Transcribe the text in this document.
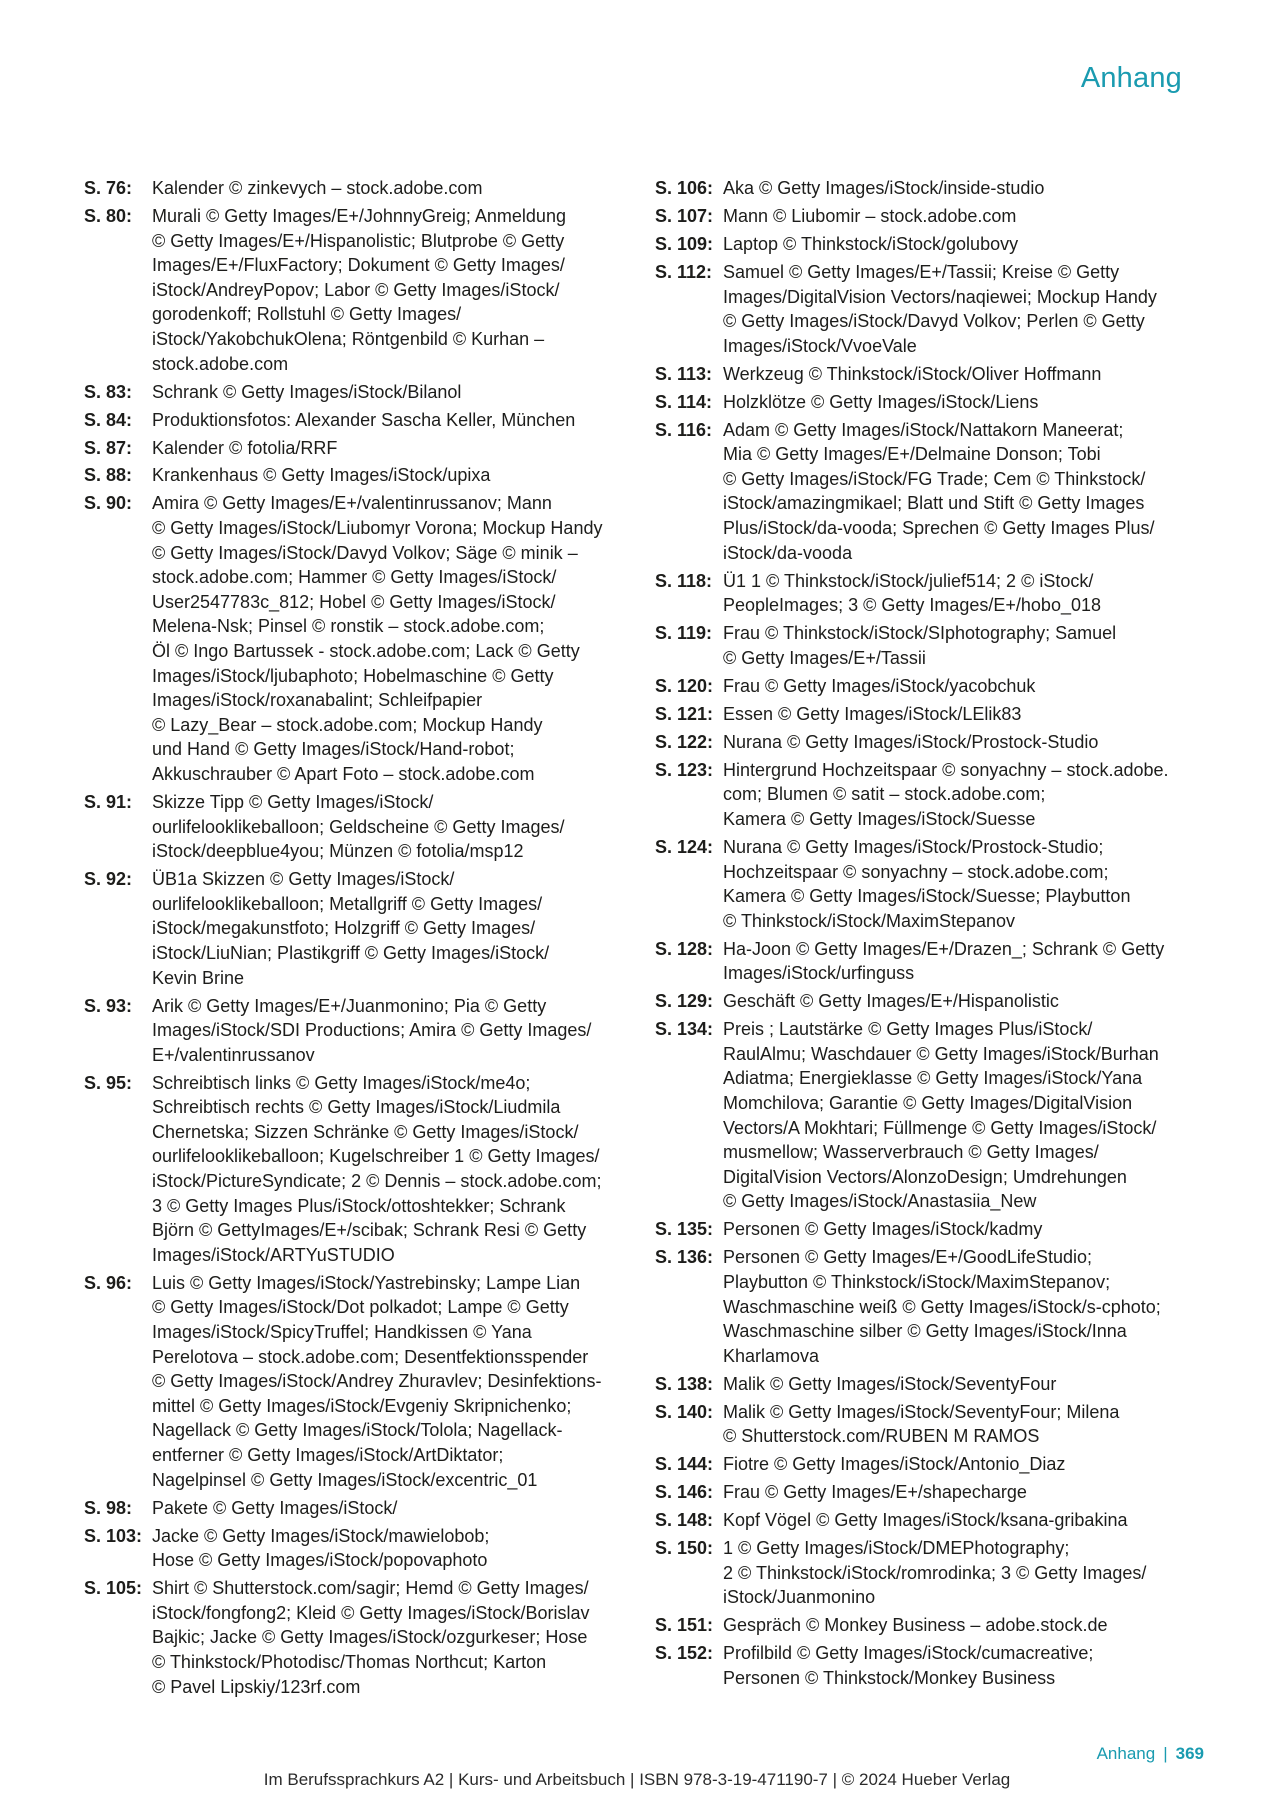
Anhang
S. 76:	Kalender © zinkevych – stock.adobe.com
S. 80:	Murali © Getty Images/E+/JohnnyGreig; Anmeldung
© Getty Images/E+/Hispanolistic; Blutprobe © Getty
Images/E+/FluxFactory; Dokument © Getty Images/
iStock/AndreyPopov; Labor © Getty Images/iStock/
gorodenkoff; Rollstuhl © Getty Images/
iStock/YakobchukOlena; Röntgenbild © Kurhan –
stock.adobe.com
S. 83:	Schrank © Getty Images/iStock/Bilanol
S. 84:	Produktionsfotos: Alexander Sascha Keller, München
S. 87:	Kalender © fotolia/RRF
S. 88:	Krankenhaus © Getty Images/iStock/upixa
S. 90:	Amira © Getty Images/E+/valentinrussanov; Mann
© Getty Images/iStock/Liubomyr Vorona; Mockup Handy
© Getty Images/iStock/Davyd Volkov; Säge © minik –
stock.adobe.com; Hammer © Getty Images/iStock/
User2547783c_812; Hobel © Getty Images/iStock/
Melena-Nsk; Pinsel © ronstik – stock.adobe.com;
Öl © Ingo Bartussek - stock.adobe.com; Lack © Getty
Images/iStock/ljubaphoto; Hobelmaschine © Getty
Images/iStock/roxanabalint; Schleifpapier
© Lazy_Bear – stock.adobe.com; Mockup Handy
und Hand © Getty Images/iStock/Hand-robot;
Akkuschrauber © Apart Foto – stock.adobe.com
S. 91:	Skizze Tipp © Getty Images/iStock/
ourlifelooklikeballoon; Geldscheine © Getty Images/
iStock/deepblue4you; Münzen © fotolia/msp12
S. 92:	ÜB1a Skizzen © Getty Images/iStock/
ourlifelooklikeballoon; Metallgriff © Getty Images/
iStock/megakunstfoto; Holzgriff © Getty Images/
iStock/LiuNian; Plastikgriff © Getty Images/iStock/
Kevin Brine
S. 93:	Arik © Getty Images/E+/Juanmonino; Pia © Getty
Images/iStock/SDI Productions; Amira © Getty Images/
E+/valentinrussanov
S. 95:	Schreibtisch links © Getty Images/iStock/me4o;
Schreibtisch rechts © Getty Images/iStock/Liudmila
Chernetska; Sizzen Schränke © Getty Images/iStock/
ourlifelooklikeballoon; Kugelschreiber 1 © Getty Images/
iStock/PictureSyndicate; 2 © Dennis – stock.adobe.com;
3 © Getty Images Plus/iStock/ottoshtekker; Schrank
Björn © GettyImages/E+/scibak; Schrank Resi © Getty
Images/iStock/ARTYuSTUDIO
S. 96:	Luis © Getty Images/iStock/Yastrebinsky; Lampe Lian
© Getty Images/iStock/Dot polkadot; Lampe © Getty
Images/iStock/SpicyTruffel; Handkissen © Yana
Perelotova – stock.adobe.com; Desentfektionsspender
© Getty Images/iStock/Andrey Zhuravlev; Desinfektions-
mittel © Getty Images/iStock/Evgeniy Skripnichenko;
Nagellack © Getty Images/iStock/Tolola; Nagellack-
entferner © Getty Images/iStock/ArtDiktator;
Nagelpinsel © Getty Images/iStock/excentric_01
S. 98:	Pakete © Getty Images/iStock/
S. 103: Jacke © Getty Images/iStock/mawielobob;
Hose © Getty Images/iStock/popovaphoto
S. 105: Shirt © Shutterstock.com/sagir; Hemd © Getty Images/
iStock/fongfong2; Kleid © Getty Images/iStock/Borislav
Bajkic; Jacke © Getty Images/iStock/ozgurkeser; Hose
© Thinkstock/Photodisc/Thomas Northcut; Karton
© Pavel Lipskiy/123rf.com
S. 106: Aka © Getty Images/iStock/inside-studio
S. 107: Mann © Liubomir – stock.adobe.com
S. 109: Laptop © Thinkstock/iStock/golubovy
S. 112: Samuel © Getty Images/E+/Tassii; Kreise © Getty
Images/DigitalVision Vectors/naqiewei; Mockup Handy
© Getty Images/iStock/Davyd Volkov; Perlen © Getty
Images/iStock/VvoeVale
S. 113: Werkzeug © Thinkstock/iStock/Oliver Hoffmann
S. 114: Holzklötze © Getty Images/iStock/Liens
S. 116: Adam © Getty Images/iStock/Nattakorn Maneerat;
Mia © Getty Images/E+/Delmaine Donson; Tobi
© Getty Images/iStock/FG Trade; Cem © Thinkstock/
iStock/amazingmikael; Blatt und Stift © Getty Images
Plus/iStock/da-vooda; Sprechen © Getty Images Plus/
iStock/da-vooda
S. 118: Ü1 1 © Thinkstock/iStock/julief514; 2 © iStock/
PeopleImages; 3 © Getty Images/E+/hobo_018
S. 119: Frau © Thinkstock/iStock/SIphotography; Samuel
© Getty Images/E+/Tassii
S. 120: Frau © Getty Images/iStock/yacobchuk
S. 121: Essen © Getty Images/iStock/LElik83
S. 122: Nurana © Getty Images/iStock/Prostock-Studio
S. 123: Hintergrund Hochzeitspaar © sonyachny – stock.adobe.
com; Blumen © satit – stock.adobe.com;
Kamera © Getty Images/iStock/Suesse
S. 124: Nurana © Getty Images/iStock/Prostock-Studio;
Hochzeitspaar © sonyachny – stock.adobe.com;
Kamera © Getty Images/iStock/Suesse; Playbutton
© Thinkstock/iStock/MaximStepanov
S. 128: Ha-Joon © Getty Images/E+/Drazen_; Schrank © Getty
Images/iStock/urfinguss
S. 129: Geschäft © Getty Images/E+/Hispanolistic
S. 134: Preis ; Lautstärke © Getty Images Plus/iStock/
RaulAlmu; Waschdauer © Getty Images/iStock/Burhan
Adiatma; Energieklasse © Getty Images/iStock/Yana
Momchilova; Garantie © Getty Images/DigitalVision
Vectors/A Mokhtari; Füllmenge © Getty Images/iStock/
musmellow; Wasserverbrauch © Getty Images/
DigitalVision Vectors/AlonzoDesign; Umdrehungen
© Getty Images/iStock/Anastasiia_New
S. 135: Personen © Getty Images/iStock/kadmy
S. 136: Personen © Getty Images/E+/GoodLifeStudio;
Playbutton © Thinkstock/iStock/MaximStepanov;
Waschmaschine weiß © Getty Images/iStock/s-cphoto;
Waschmaschine silber © Getty Images/iStock/Inna
Kharlamova
S. 138: Malik © Getty Images/iStock/SeventyFour
S. 140: Malik © Getty Images/iStock/SeventyFour; Milena
© Shutterstock.com/RUBEN M RAMOS
S. 144: Fiotre © Getty Images/iStock/Antonio_Diaz
S. 146: Frau © Getty Images/E+/shapecharge
S. 148: Kopf Vögel © Getty Images/iStock/ksana-gribakina
S. 150: 1 © Getty Images/iStock/DMEPhotography;
2 © Thinkstock/iStock/romrodinka; 3 © Getty Images/
iStock/Juanmonino
S. 151: Gespräch © Monkey Business – adobe.stock.de
S. 152: Profilbild © Getty Images/iStock/cumacreative;
Personen © Thinkstock/Monkey Business
Anhang | 369
Im Berufssprachkurs A2 | Kurs- und Arbeitsbuch | ISBN 978-3-19-471190-7 | © 2024 Hueber Verlag
